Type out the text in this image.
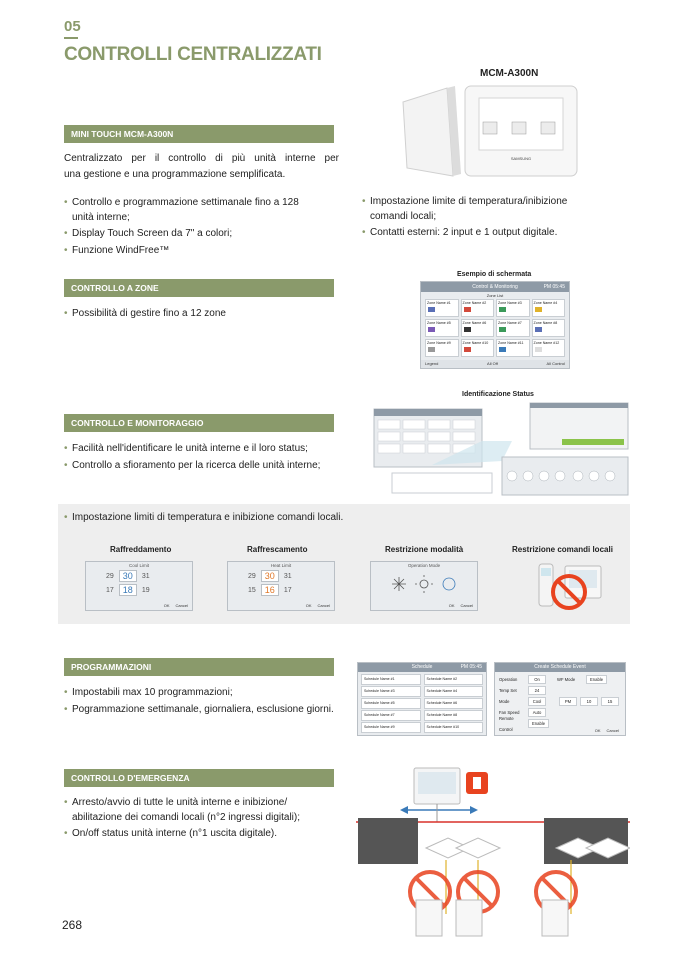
05
CONTROLLI CENTRALIZZATI
MCM-A300N
SAMSUNG
MINI TOUCH MCM-A300N
Centralizzato per il controllo di più unità interne per
una gestione e una programmazione semplificata.
• Controllo e programmazione settimanale fino a 128 unità interne;
• Display Touch Screen da 7" a colori;
• Funzione WindFree™
• Impostazione limite di temperatura/inibizione comandi locali;
• Contatti esterni: 2 input e 1 output digitale.
CONTROLLO A ZONE
• Possibilità di gestire fino a 12 zone
Esempio di schermata
Control & Monitoring	PM 05:45
Zone List
Zone Name #1	Zone Name #2	Zone Name #3	Zone Name #4
Zone Name #5	Zone Name #6	Zone Name #7	Zone Name #8
Zone Name #9	Zone Name #10	Zone Name #11	Zone Name #12
Legend	All Off	All Control
Identificazione Status
CONTROLLO E MONITORAGGIO
• Facilità nell'identificare le unità interne e il loro status;
• Controllo a sfioramento per la ricerca delle unità interne;
• Impostazione limiti di temperatura e inibizione comandi locali.
Raffreddamento	Raffrescamento	Restrizione modalità	Restrizione comandi locali
Cool Limit
29	30	31
17	18	19
OK Cancel
Heat Limit
29	30	31
15	16	17
OK Cancel
Operation Mode
OK Cancel
PROGRAMMAZIONI
• Impostabili max 10 programmazioni;
• Pogrammazione settimanale, giornaliera, esclusione giorni.
Schedule	PM 05:45
Schedule Name #1	Schedule Name #2
Schedule Name #3	Schedule Name #4
Schedule Name #5	Schedule Name #6
Schedule Name #7	Schedule Name #8
Schedule Name #9	Schedule Name #10
Create Schedule Event
Operation	On	WF Mode	Enable
Temp Set	24
Mode	Cool	PM	10	15
Fan Speed	Auto
Remote Control
Enable
OK Cancel
CONTROLLO D'EMERGENZA
• Arresto/avvio di tutte le unità interne e inibizione/ abilitazione dei comandi locali (n°2 ingressi digitali);
• On/off status unità interne (n°1 uscita digitale).
268
